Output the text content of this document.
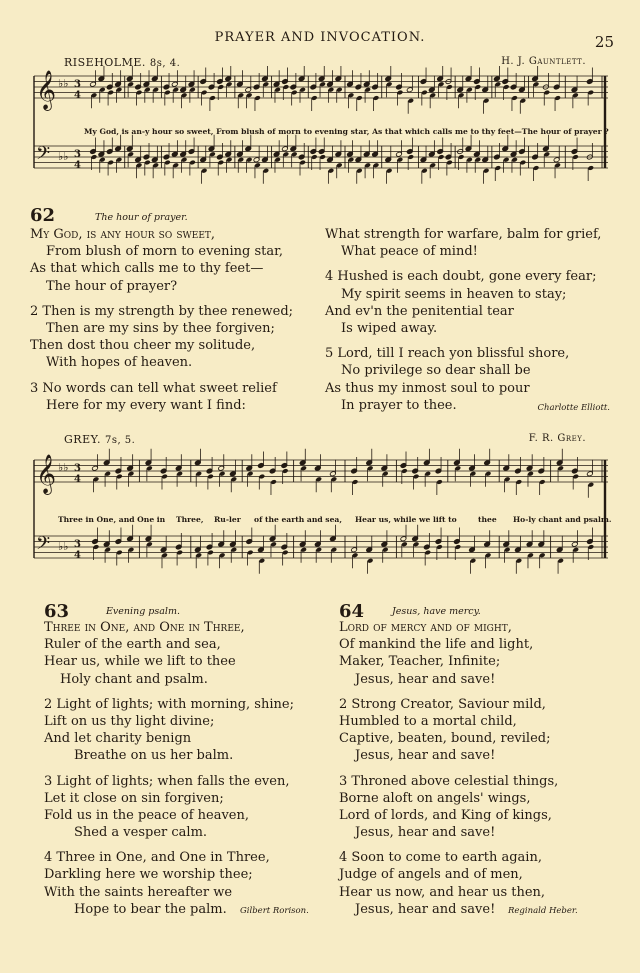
PRAYER AND INVOCATION.	25
RISEHOLME. 8s, 4.	H. J. Gauntlett.
𝄞
𝄢
♭♭
♭♭
3
4
3
4
My God, is an-y hour so sweet, From blush of morn to evening star, As that which calls me to thy feet—The hour of prayer ?
62	The hour of prayer.
My God, is any hour so sweet,
From blush of morn to evening star,
As that which calls me to thy feet—
The hour of prayer?
2 Then is my strength by thee renewed;
Then are my sins by thee forgiven;
Then dost thou cheer my solitude,
With hopes of heaven.
3 No words can tell what sweet relief
Here for my every want I find:
What strength for warfare, balm for grief,
What peace of mind!
4 Hushed is each doubt, gone every fear;
My spirit seems in heaven to stay;
And ev'n the penitential tear
Is wiped away.
5 Lord, till I reach yon blissful shore,
No privilege so dear shall be
As thus my inmost soul to pour
In prayer to thee.	Charlotte Elliott.
GREY. 7s, 5.	F. R. Grey.
𝄞
𝄢
♭♭
♭♭
3
4
3
4
Three in One, and One in Three, Ru-ler of the earth and sea, Hear us, while we lift to	thee Ho-ly chant and psalm.
63	Evening psalm.
Three in One, and One in Three,
Ruler of the earth and sea,
Hear us, while we lift to thee
Holy chant and psalm.
2 Light of lights; with morning, shine;
Lift on us thy light divine;
And let charity benign
Breathe on us her balm.
3 Light of lights; when falls the even,
Let it close on sin forgiven;
Fold us in the peace of heaven,
Shed a vesper calm.
4 Three in One, and One in Three,
Darkling here we worship thee;
With the saints hereafter we
Hope to bear the palm.	Gilbert Rorison.
64	Jesus, have mercy.
Lord of mercy and of might,
Of mankind the life and light,
Maker, Teacher, Infinite;
Jesus, hear and save!
2 Strong Creator, Saviour mild,
Humbled to a mortal child,
Captive, beaten, bound, reviled;
Jesus, hear and save!
3 Throned above celestial things,
Borne aloft on angels' wings,
Lord of lords, and King of kings,
Jesus, hear and save!
4 Soon to come to earth again,
Judge of angels and of men,
Hear us now, and hear us then,
Jesus, hear and save!	Reginald Heber.
